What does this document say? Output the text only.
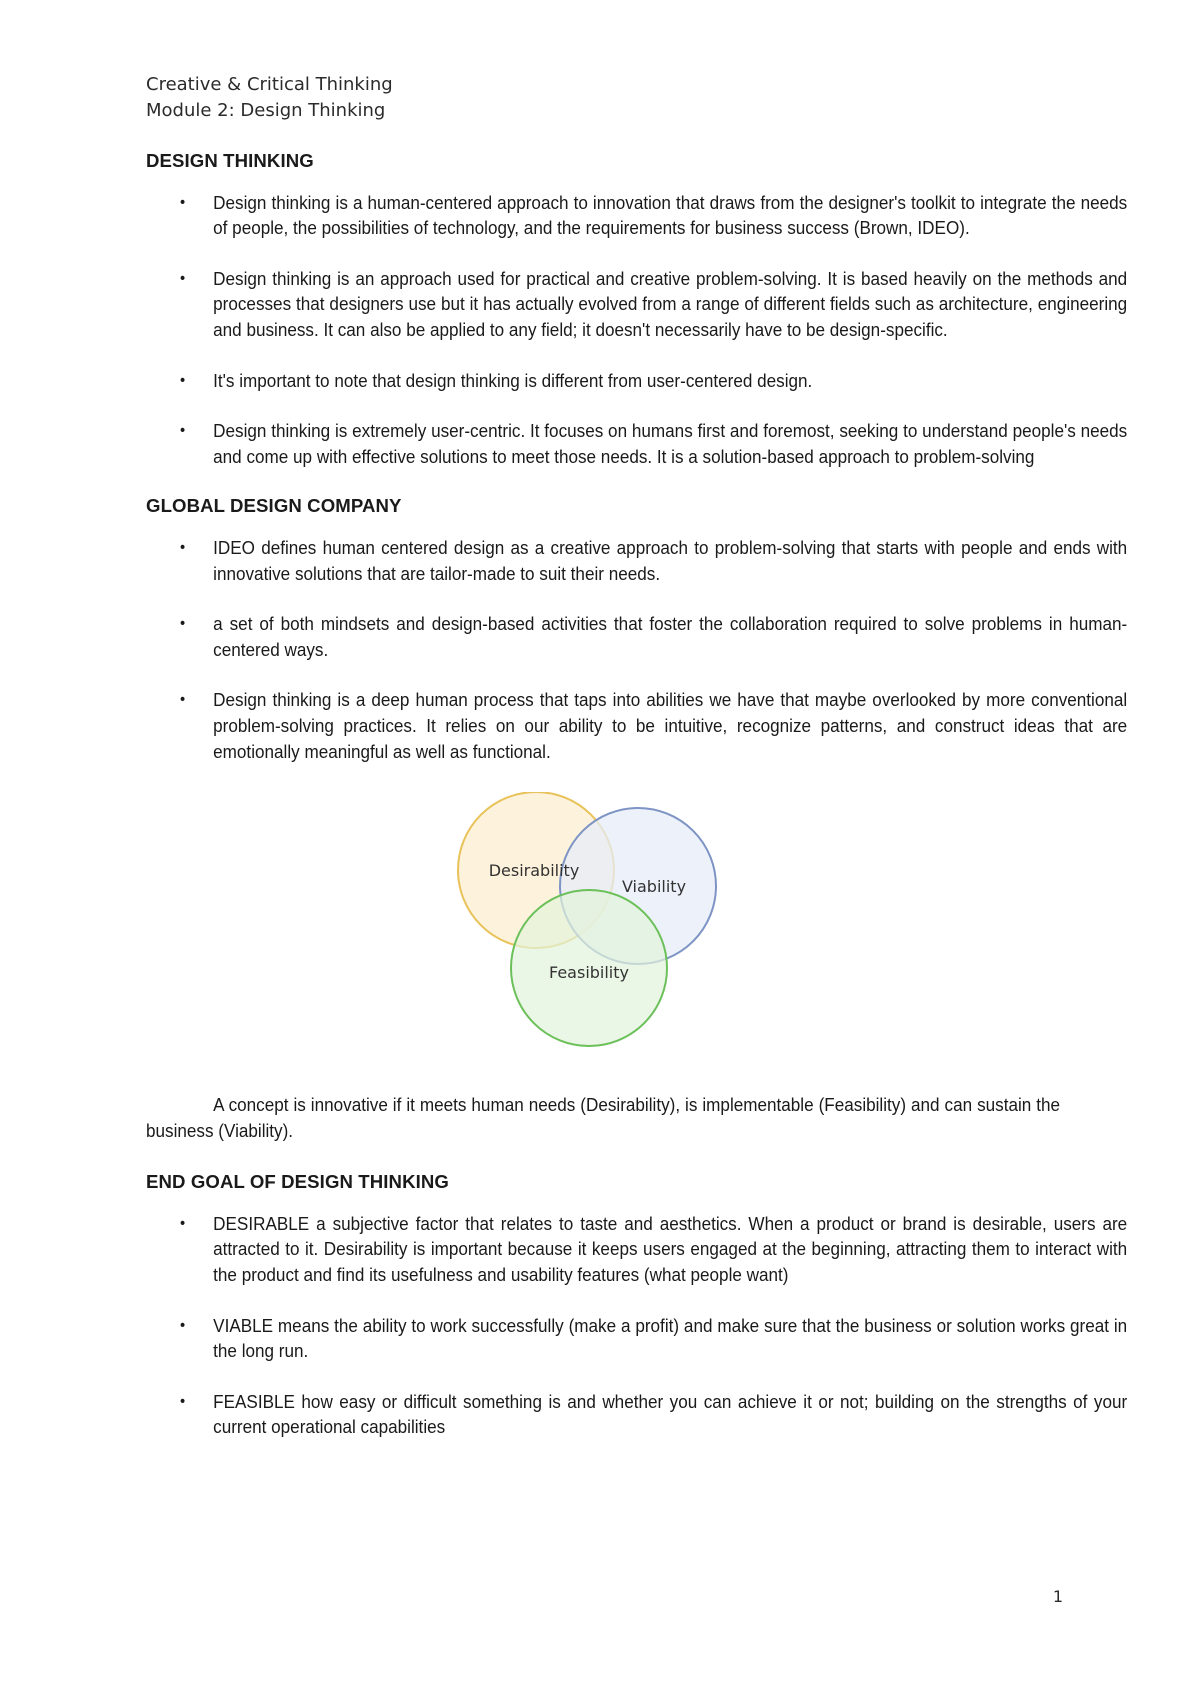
Creative & Critical Thinking
Module 2: Design Thinking
DESIGN THINKING
• Design thinking is a human-centered approach to innovation that draws from the designer's toolkit to integrate the needs of people, the possibilities of technology, and the requirements for business success (Brown, IDEO).
• Design thinking is an approach used for practical and creative problem-solving. It is based heavily on the methods and processes that designers use but it has actually evolved from a range of different fields such as architecture, engineering and business. It can also be applied to any field; it doesn't necessarily have to be design-specific.
• It's important to note that design thinking is different from user-centered design.
• Design thinking is extremely user-centric. It focuses on humans first and foremost, seeking to understand people's needs and come up with effective solutions to meet those needs. It is a solution-based approach to problem-solving
GLOBAL DESIGN COMPANY
• IDEO defines human centered design as a creative approach to problem-solving that starts with people and ends with innovative solutions that are tailor-made to suit their needs.
• a set of both mindsets and design-based activities that foster the collaboration required to solve problems in human-centered ways.
• Design thinking is a deep human process that taps into abilities we have that maybe overlooked by more conventional problem-solving practices. It relies on our ability to be intuitive, recognize patterns, and construct ideas that are emotionally meaningful as well as functional.
Desirability
Viability
Feasibility
A concept is innovative if it meets human needs (Desirability), is implementable (Feasibility) and can sustain the business (Viability).
END GOAL OF DESIGN THINKING
• DESIRABLE a subjective factor that relates to taste and aesthetics. When a product or brand is desirable, users are attracted to it. Desirability is important because it keeps users engaged at the beginning, attracting them to interact with the product and find its usefulness and usability features (what people want)
• VIABLE means the ability to work successfully (make a profit) and make sure that the business or solution works great in the long run.
• FEASIBLE how easy or difficult something is and whether you can achieve it or not; building on the strengths of your current operational capabilities
1
